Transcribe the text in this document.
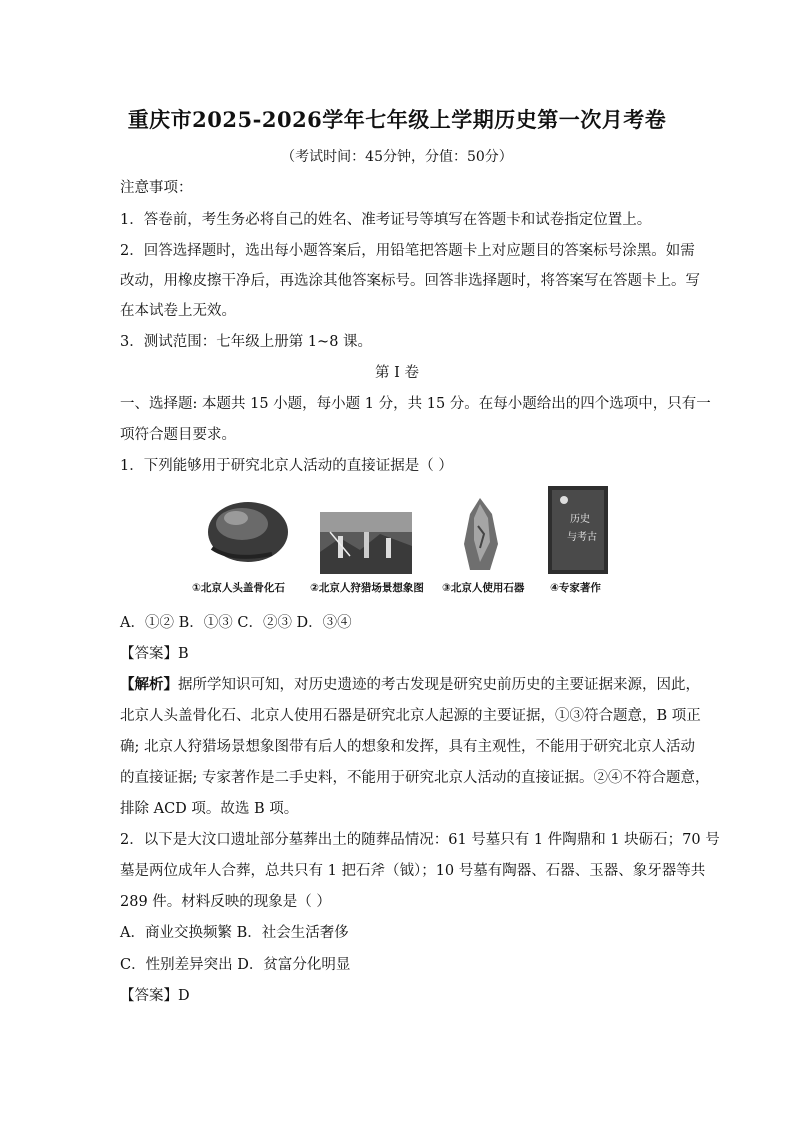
重庆市2025-2026学年七年级上学期历史第一次月考卷
（考试时间：45分钟，分值：50分）
注意事项：
1．答卷前，考生务必将自己的姓名、准考证号等填写在答题卡和试卷指定位置上。
2．回答选择题时，选出每小题答案后，用铅笔把答题卡上对应题目的答案标号涂黑。如需
改动，用橡皮擦干净后，再选涂其他答案标号。回答非选择题时，将答案写在答题卡上。写
在本试卷上无效。
3．测试范围：七年级上册第 1~8 课。
第 I 卷
一、选择题: 本题共 15 小题，每小题 1 分，共 15 分。在每小题给出的四个选项中，只有一
项符合题目要求。
1．下列能够用于研究北京人活动的直接证据是（ ）
①北京人头盖骨化石 ②北京人狩猎场景想象图 ③北京人使用石器
历史
与考古
④专家著作
A．①② B．①③ C．②③ D．③④
【答案】B
【解析】据所学知识可知，对历史遗迹的考古发现是研究史前历史的主要证据来源，因此，
北京人头盖骨化石、北京人使用石器是研究北京人起源的主要证据，①③符合题意，B 项正
确; 北京人狩猎场景想象图带有后人的想象和发挥，具有主观性，不能用于研究北京人活动
的直接证据; 专家著作是二手史料，不能用于研究北京人活动的直接证据。②④不符合题意，
排除 ACD 项。故选 B 项。
2．以下是大汶口遗址部分墓葬出土的随葬品情况：61 号墓只有 1 件陶鼎和 1 块砺石；70 号
墓是两位成年人合葬，总共只有 1 把石斧（钺）；10 号墓有陶器、石器、玉器、象牙器等共
289 件。材料反映的现象是（ ）
A．商业交换频繁 B．社会生活奢侈
C．性别差异突出 D．贫富分化明显
【答案】D
